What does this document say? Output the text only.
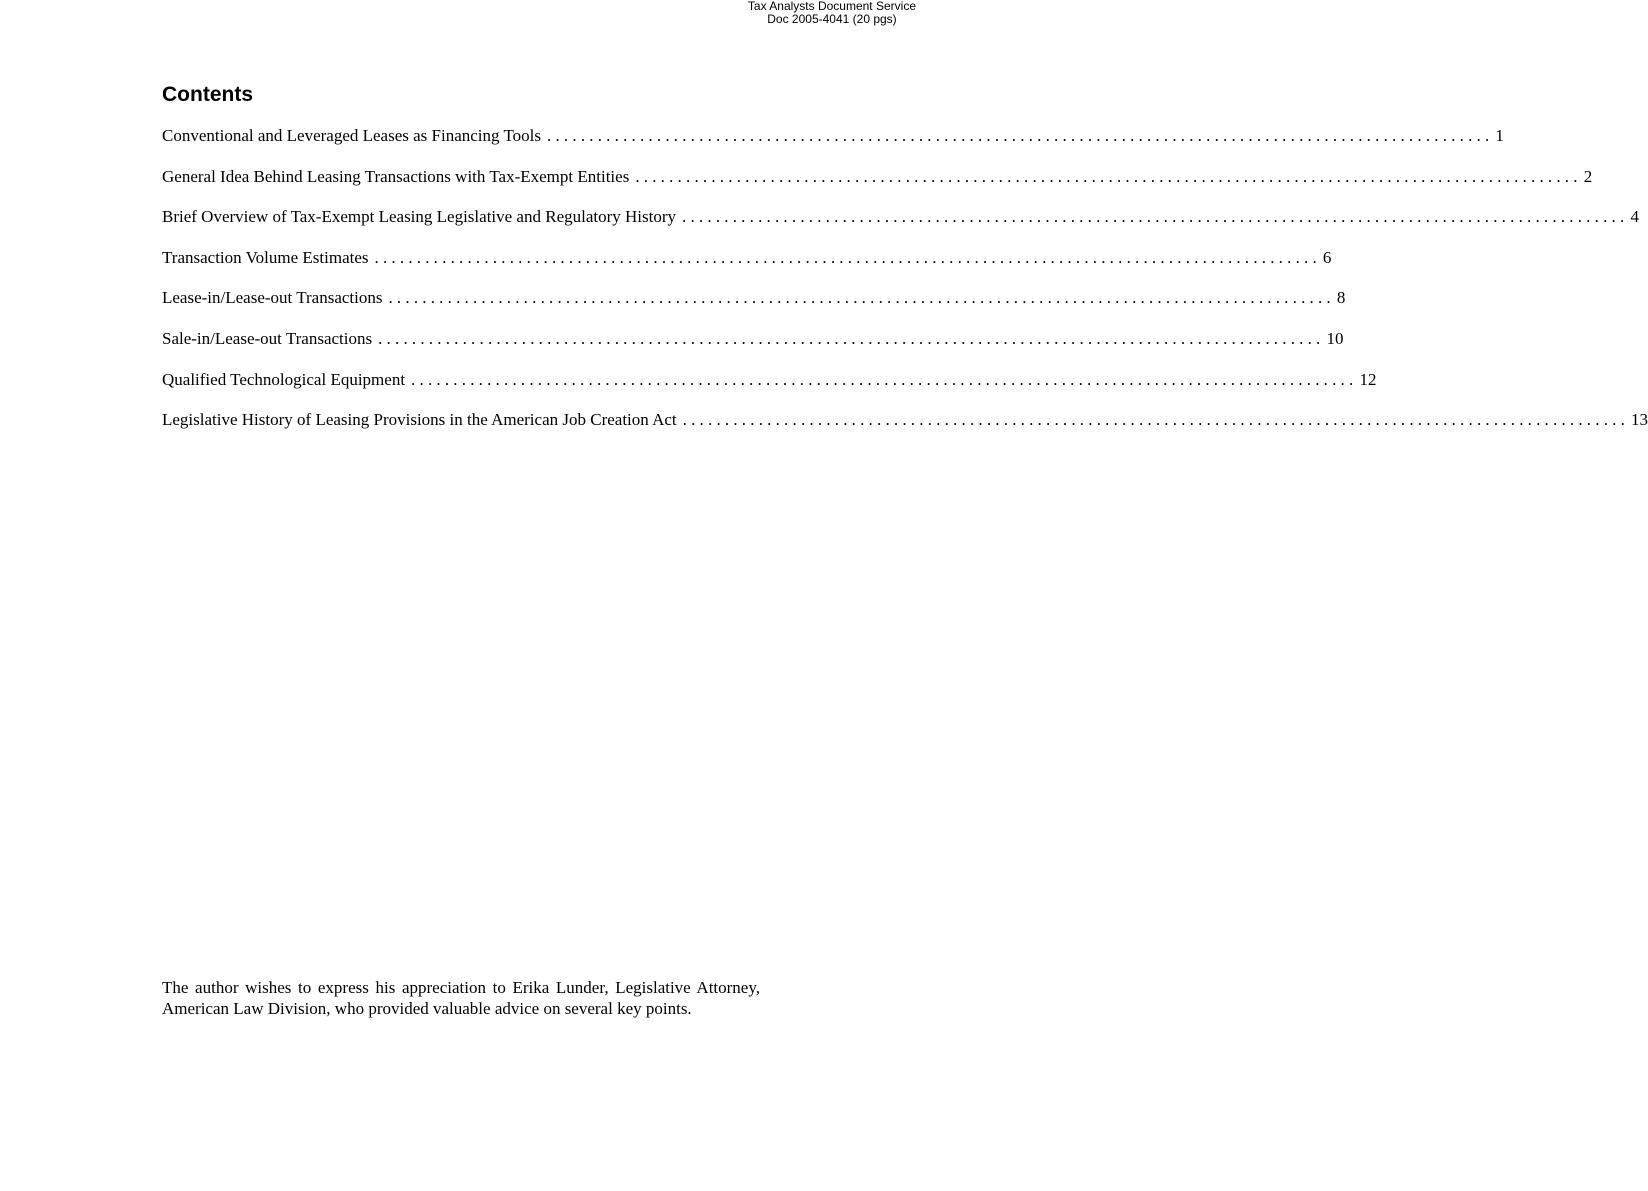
Tax Analysts Document Service
Doc 2005-4041 (20 pgs)
Contents
Conventional and Leveraged Leases as Financing Tools ................................................................................................................ 1
General Idea Behind Leasing Transactions with Tax-Exempt Entities ................................................................................................................ 2
Brief Overview of Tax-Exempt Leasing Legislative and Regulatory History ................................................................................................................ 4
Transaction Volume Estimates ................................................................................................................ 6
Lease-in/Lease-out Transactions ................................................................................................................ 8
Sale-in/Lease-out Transactions ................................................................................................................ 10
Qualified Technological Equipment ................................................................................................................ 12
Legislative History of Leasing Provisions in the American Job Creation Act ................................................................................................................ 13

The author wishes to express his appreciation to Erika Lunder, Legislative Attorney, American Law Division, who provided valuable advice on several key points.
